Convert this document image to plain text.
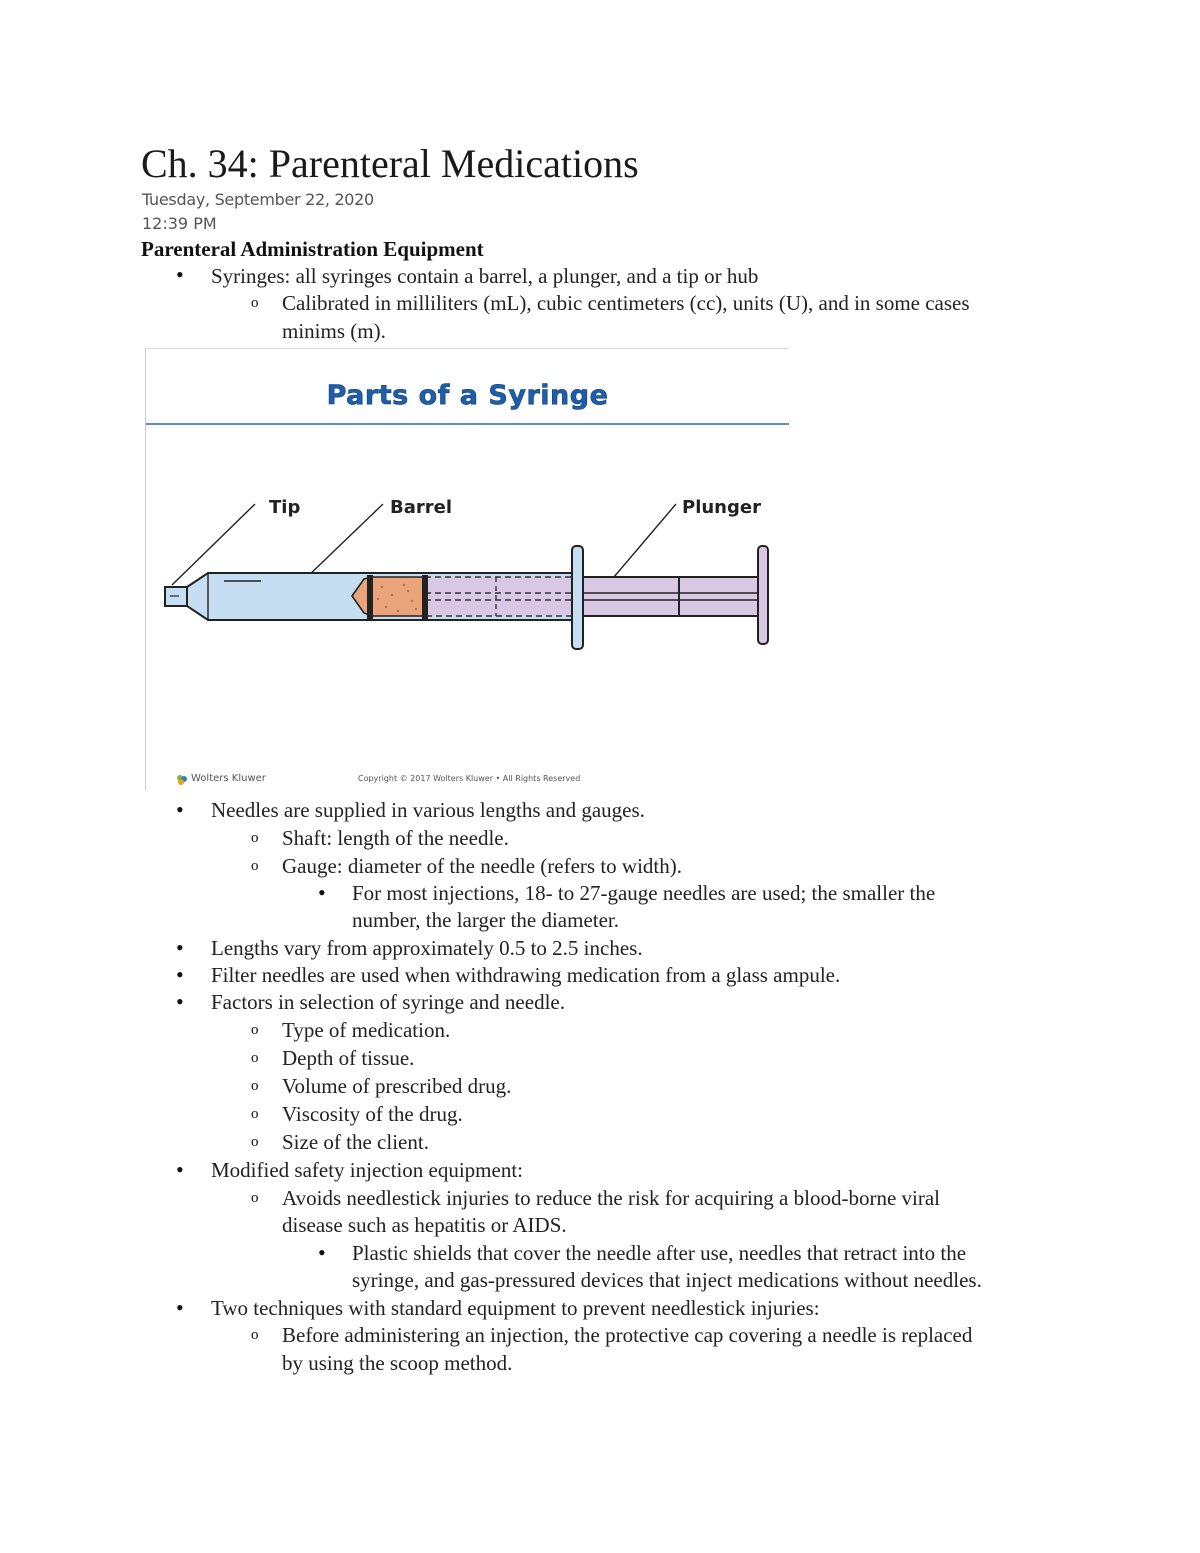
Ch. 34: Parenteral Medications
Tuesday, September 22, 2020
12:39 PM
Parenteral Administration Equipment
• Syringes: all syringes contain a barrel, a plunger, and a tip or hub
o Calibrated in milliliters (mL), cubic centimeters (cc), units (U), and in some cases
minims (m).
Parts of a Syringe
Tip	Barrel	Plunger
Wolters Kluwer	Copyright © 2017 Wolters Kluwer • All Rights Reserved
• Needles are supplied in various lengths and gauges.
o Shaft: length of the needle.
o Gauge: diameter of the needle (refers to width).
• For most injections, 18- to 27-gauge needles are used; the smaller the
number, the larger the diameter.
• Lengths vary from approximately 0.5 to 2.5 inches.
• Filter needles are used when withdrawing medication from a glass ampule.
• Factors in selection of syringe and needle.
o Type of medication.
o Depth of tissue.
o Volume of prescribed drug.
o Viscosity of the drug.
o Size of the client.
• Modified safety injection equipment:
o Avoids needlestick injuries to reduce the risk for acquiring a blood-borne viral
disease such as hepatitis or AIDS.
• Plastic shields that cover the needle after use, needles that retract into the
syringe, and gas-pressured devices that inject medications without needles.
• Two techniques with standard equipment to prevent needlestick injuries:
o Before administering an injection, the protective cap covering a needle is replaced
by using the scoop method.
